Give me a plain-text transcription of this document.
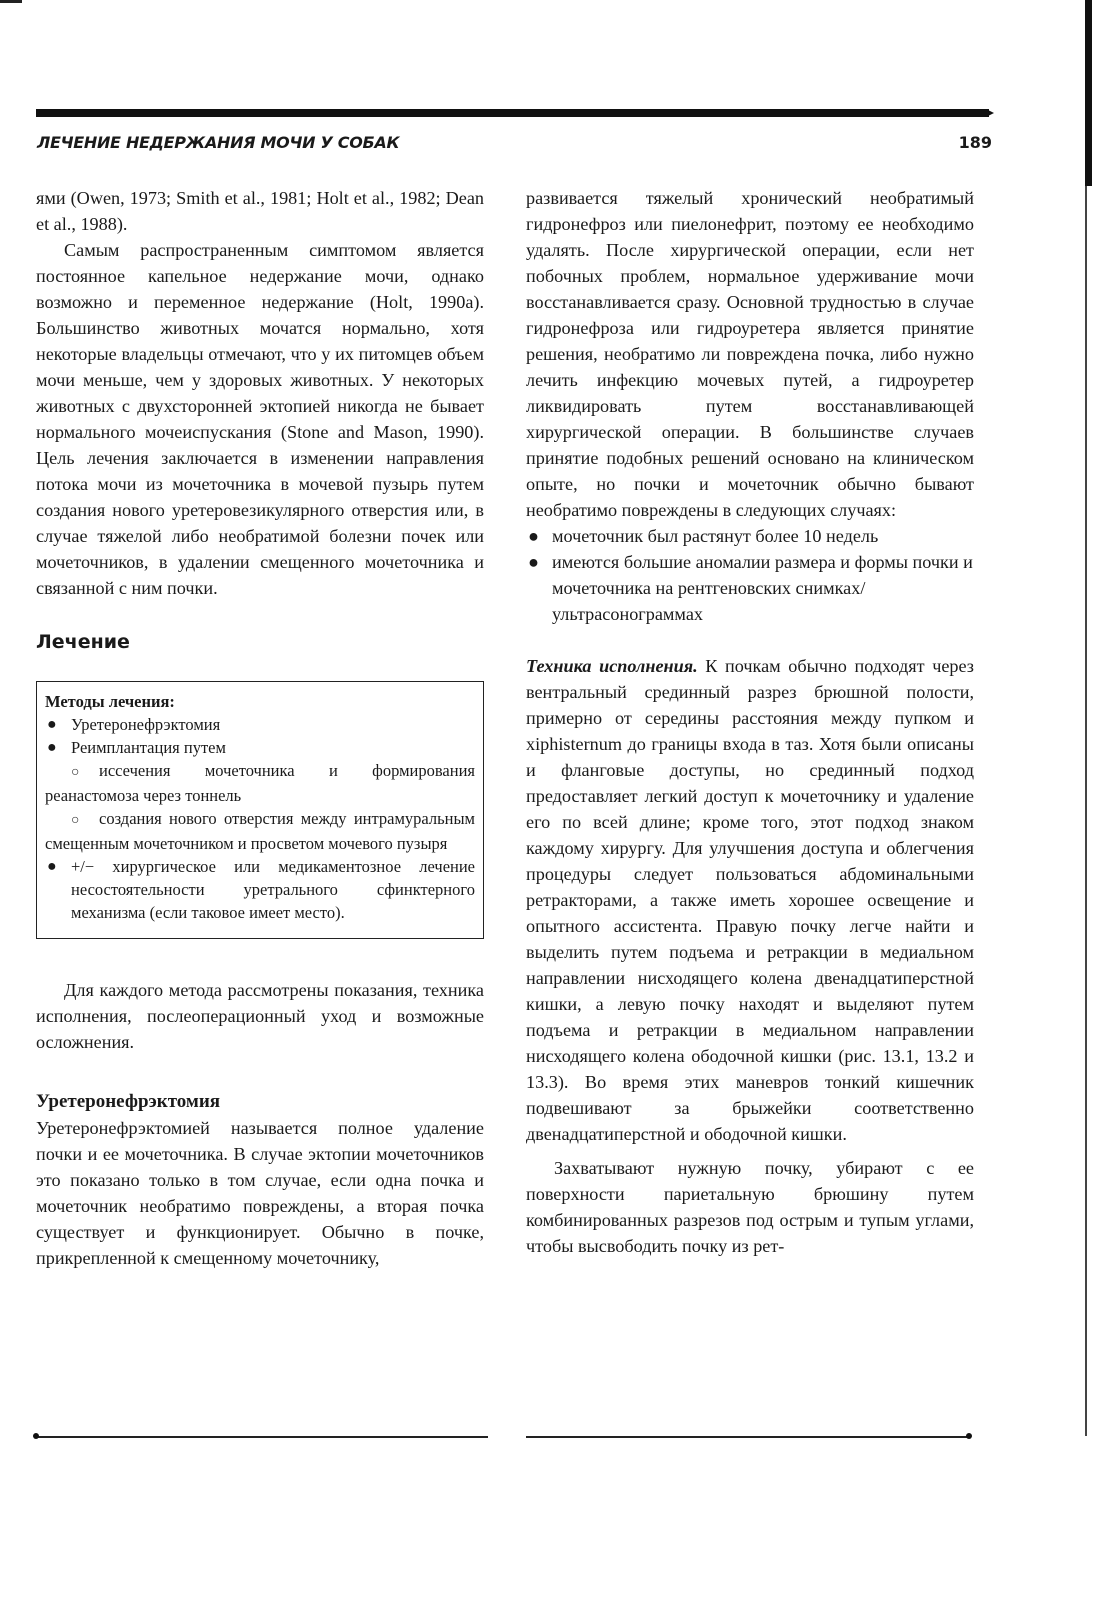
ЛЕЧЕНИЕ НЕДЕРЖАНИЯ МОЧИ У СОБАК	189

ями (Owen, 1973; Smith et al., 1981; Holt et al., 1982; Dean et al., 1988).

Самым распространенным симптомом является постоянное капельное недержание мочи, однако возможно и переменное недержание (Holt, 1990a). Большинство животных мочатся нормально, хотя некоторые владельцы отмечают, что у их питомцев объем мочи меньше, чем у здоровых животных. У некоторых животных с двухсторонней эктопией никогда не бывает нормального мочеиспускания (Stone and Mason, 1990). Цель лечения заключается в изменении направления потока мочи из мочеточника в мочевой пузырь путем создания нового уретеровезикулярного отверстия или, в случае тяжелой либо необратимой болезни почек или мочеточников, в удалении смещенного мочеточника и связанной с ним почки.

Лечение
Методы лечения:
● Уретеронефрэктомия
● Реимплантация путем
○ иссечения мочеточника и формирования реанастомоза через тоннель
○ создания нового отверстия между интрамуральным смещенным мочеточником и просветом мочевого пузыря
● +/− хирургическое или медикаментозное лечение несостоятельности уретрального сфинктерного механизма (если таковое имеет место).

Для каждого метода рассмотрены показания, техника исполнения, послеоперационный уход и возможные осложнения.

Уретеронефрэктомия

Уретеронефрэктомией называется полное удаление почки и ее мочеточника. В случае эктопии мочеточников это показано только в том случае, если одна почка и мочеточник необратимо повреждены, а вторая почка существует и функционирует. Обычно в почке, прикрепленной к смещенному мочеточнику,

развивается тяжелый хронический необратимый гидронефроз или пиелонефрит, поэтому ее необходимо удалять. После хирургической операции, если нет побочных проблем, нормальное удерживание мочи восстанавливается сразу. Основной трудностью в случае гидронефроза или гидроуретера является принятие решения, необратимо ли повреждена почка, либо нужно лечить инфекцию мочевых путей, а гидроуретер ликвидировать путем восстанавливающей хирургической операции. В большинстве случаев принятие подобных решений основано на клиническом опыте, но почки и мочеточник обычно бывают необратимо повреждены в следующих случаях:

● мочеточник был растянут более 10 недель
● имеются большие аномалии размера и формы почки и мочеточника на рентгеновских снимках/ультрасонограммах

Техника исполнения. К почкам обычно подходят через вентральный срединный разрез брюшной полости, примерно от середины расстояния между пупком и xiphisternum до границы входа в таз. Хотя были описаны и фланговые доступы, но срединный подход предоставляет легкий доступ к мочеточнику и удаление его по всей длине; кроме того, этот подход знаком каждому хирургу. Для улучшения доступа и облегчения процедуры следует пользоваться абдоминальными ретракторами, а также иметь хорошее освещение и опытного ассистента. Правую почку легче найти и выделить путем подъема и ретракции в медиальном направлении нисходящего колена двенадцатиперстной кишки, а левую почку находят и выделяют путем подъема и ретракции в медиальном направлении нисходящего колена ободочной кишки (рис. 13.1, 13.2 и 13.3). Во время этих маневров тонкий кишечник подвешивают за брыжейки соответственно двенадцатиперстной и ободочной кишки.

Захватывают нужную почку, убирают с ее поверхности париетальную брюшину путем комбинированных разрезов под острым и тупым углами, чтобы высвободить почку из рет-
